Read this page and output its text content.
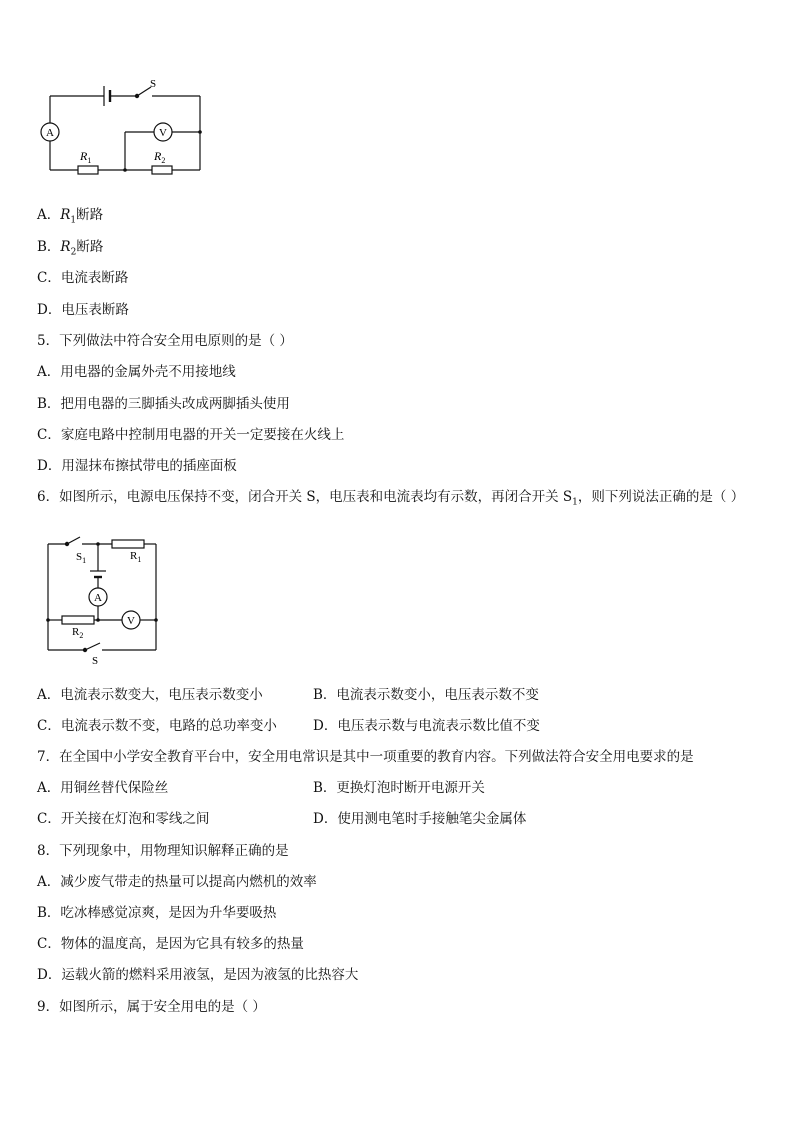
S
A	V
$R_1$	$R_2$
A．$R_1$断路
B．$R_2$断路
C．电流表断路
D．电压表断路
5．下列做法中符合安全用电原则的是（ ）
A．用电器的金属外壳不用接地线
B．把用电器的三脚插头改成两脚插头使用
C．家庭电路中控制用电器的开关一定要接在火线上
D．用湿抹布擦拭带电的插座面板
6．如图所示，电源电压保持不变，闭合开关 S，电压表和电流表均有示数，再闭合开关 $S_1$，则下列说法正确的是（ ）
$S_1$	$R_1$
A
V
$R_2$
S
A．电流表示数变大，电压表示数变小	B．电流表示数变小，电压表示数不变
C．电流表示数不变，电路的总功率变小	D．电压表示数与电流表示数比值不变
7．在全国中小学安全教育平台中，安全用电常识是其中一项重要的教育内容。下列做法符合安全用电要求的是
A．用铜丝替代保险丝	B．更换灯泡时断开电源开关
C．开关接在灯泡和零线之间	D．使用测电笔时手接触笔尖金属体
8．下列现象中，用物理知识解释正确的是
A．减少废气带走的热量可以提高内燃机的效率
B．吃冰棒感觉凉爽，是因为升华要吸热
C．物体的温度高，是因为它具有较多的热量
D．运载火箭的燃料采用液氢，是因为液氢的比热容大
9．如图所示，属于安全用电的是（ ）
